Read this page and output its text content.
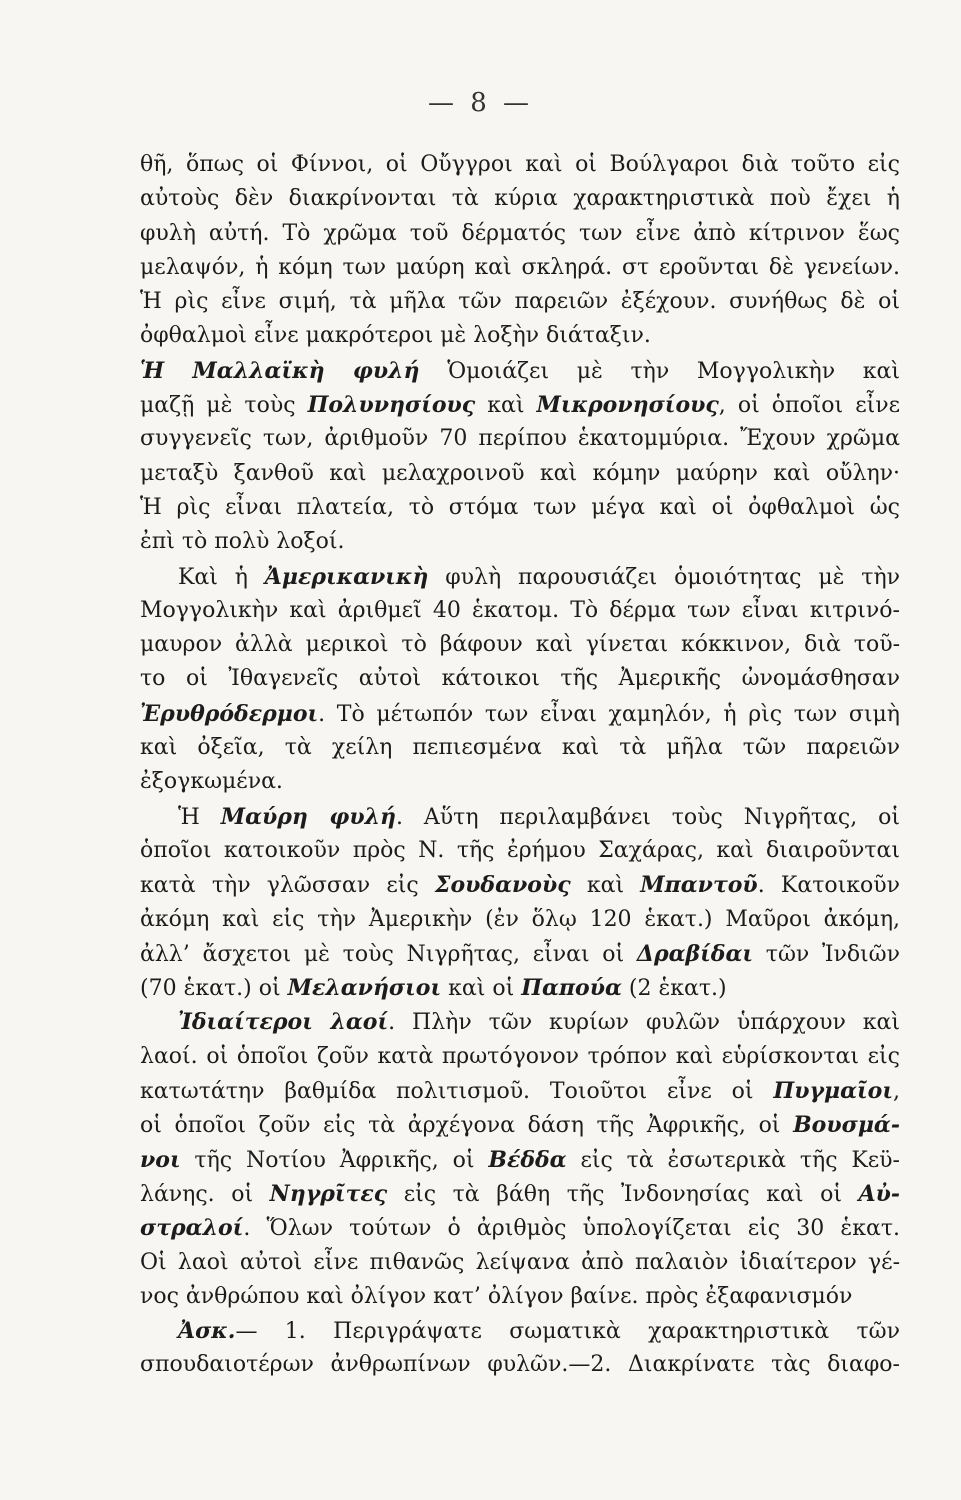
— 8 —
θῆ, ὅπως οἱ Φίννοι, οἱ Οὔγγροι καὶ οἱ Βούλγαροι διὰ τοῦτο εἰς
αὐτοὺς δὲν διακρίνονται τὰ κύρια χαρακτηριστικὰ ποὺ ἔχει ἡ
φυλὴ αὐτή. Τὸ χρῶμα τοῦ δέρματός των εἶνε ἀπὸ κίτρινον ἕως
μελαψόν, ἡ κόμη των μαύρη καὶ σκληρά. στ εροῦνται δὲ γενείων.
Ἡ ρὶς εἶνε σιμή, τὰ μῆλα τῶν παρειῶν ἐξέχουν. συνήθως δὲ οἱ
ὀφθαλμοὶ εἶνε μακρότεροι μὲ λοξὴν διάταξιν.
Ἡ Μαλλαϊκὴ φυλή Ὁμοιάζει μὲ τὴν Μογγολικὴν καὶ
μαζῇ μὲ τοὺς Πολυνησίους καὶ Μικρονησίους, οἱ ὁποῖοι εἶνε
συγγενεῖς των, ἀριθμοῦν 70 περίπου ἑκατομμύρια. Ἔχουν χρῶμα
μεταξὺ ξανθοῦ καὶ μελαχροινοῦ καὶ κόμην μαύρην καὶ οὔλην·
Ἡ ρὶς εἶναι πλατεία, τὸ στόμα των μέγα καὶ οἱ ὀφθαλμοὶ ὡς
ἐπὶ τὸ πολὺ λοξοί.
Καὶ ἡ Ἀμερικανικὴ φυλὴ παρουσιάζει ὁμοιότητας μὲ τὴν
Μογγολικὴν καὶ ἀριθμεῖ 40 ἑκατομ. Τὸ δέρμα των εἶναι κιτρινό-
μαυρον ἀλλὰ μερικοὶ τὸ βάφουν καὶ γίνεται κόκκινον, διὰ τοῦ-
το οἱ Ἰθαγενεῖς αὐτοὶ κάτοικοι τῆς Ἀμερικῆς ὠνομάσθησαν
Ἐρυθρόδερμοι. Τὸ μέτωπόν των εἶναι χαμηλόν, ἡ ρὶς των σιμὴ
καὶ ὀξεῖα, τὰ χείλη πεπιεσμένα καὶ τὰ μῆλα τῶν παρειῶν
ἐξογκωμένα.
Ἡ Μαύρη φυλή. Αὕτη περιλαμβάνει τοὺς Νιγρῆτας, οἱ
ὁποῖοι κατοικοῦν πρὸς Ν. τῆς ἐρήμου Σαχάρας, καὶ διαιροῦνται
κατὰ τὴν γλῶσσαν εἰς Σουδανοὺς καὶ Μπαντοῦ. Κατοικοῦν
ἀκόμη καὶ εἰς τὴν Ἀμερικὴν (ἐν ὅλῳ 120 ἑκατ.) Μαῦροι ἀκόμη,
ἀλλ’ ἄσχετοι μὲ τοὺς Νιγρῆτας, εἶναι οἱ Δραβίδαι τῶν Ἰνδιῶν
(70 ἑκατ.) οἱ Μελανήσιοι καὶ οἱ Παπούα (2 ἑκατ.)
Ἰδιαίτεροι λαοί. Πλὴν τῶν κυρίων φυλῶν ὑπάρχουν καὶ
λαοί. οἱ ὁποῖοι ζοῦν κατὰ πρωτόγονον τρόπον καὶ εὑρίσκονται εἰς
κατωτάτην βαθμίδα πολιτισμοῦ. Τοιοῦτοι εἶνε οἱ Πυγμαῖοι,
οἱ ὁποῖοι ζοῦν εἰς τὰ ἀρχέγονα δάση τῆς Ἀφρικῆς, οἱ Βουσμά-
νοι τῆς Νοτίου Ἀφρικῆς, οἱ Βέδδα εἰς τὰ ἐσωτερικὰ τῆς Κεϋ-
λάνης. οἱ Νηγρῖτες εἰς τὰ βάθη τῆς Ἰνδονησίας καὶ οἱ Αὐ-
στραλοί. Ὅλων τούτων ὁ ἀριθμὸς ὑπολογίζεται εἰς 30 ἑκατ.
Οἱ λαοὶ αὐτοὶ εἶνε πιθανῶς λείψανα ἀπὸ παλαιὸν ἰδιαίτερον γέ-
νος ἀνθρώπου καὶ ὀλίγον κατ’ ὀλίγον βαίνε. πρὸς ἐξαφανισμόν
Ἀσκ.— 1. Περιγράψατε σωματικὰ χαρακτηριστικὰ τῶν
σπουδαιοτέρων ἀνθρωπίνων φυλῶν.—2. Διακρίνατε τὰς διαφο-
